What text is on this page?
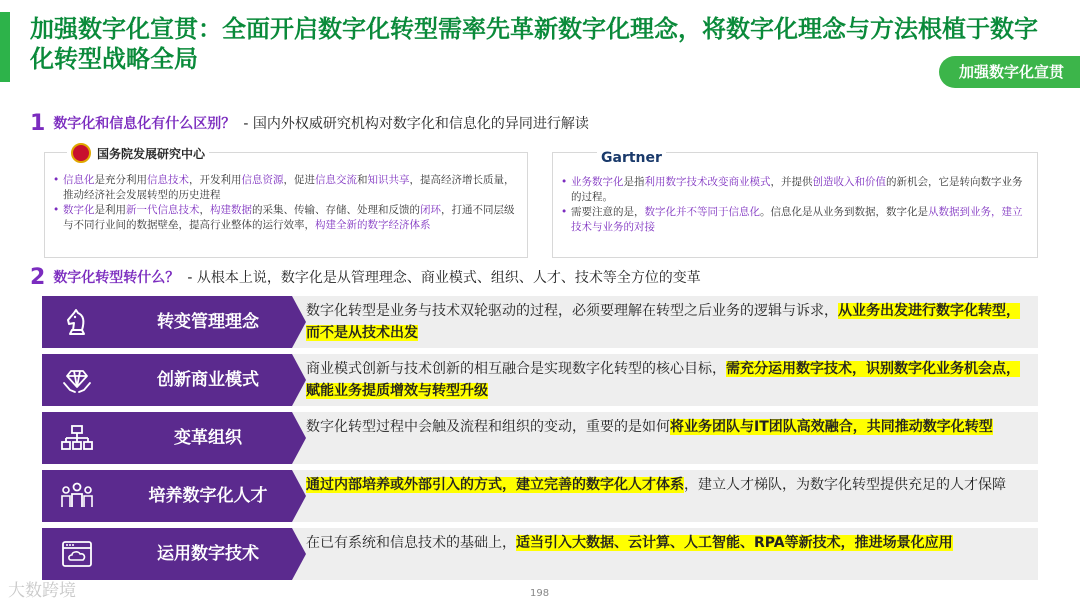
加强数字化宣贯：全面开启数字化转型需率先革新数字化理念，将数字化理念与方法根植于数字化转型战略全局	加强数字化宣贯
1 数字化和信息化有什么区别？ - 国内外权威研究机构对数字化和信息化的异同进行解读
国务院发展研究中心
• 信息化是充分利用信息技术，开发利用信息资源，促进信息交流和知识共享，提高经济增长质量，推动经济社会发展转型的历史进程
• 数字化是利用新一代信息技术，构建数据的采集、传输、存储、处理和反馈的闭环，打通不同层级与不同行业间的数据壁垒，提高行业整体的运行效率，构建全新的数字经济体系
Gartner
• 业务数字化是指利用数字技术改变商业模式，并提供创造收入和价值的新机会，它是转向数字业务的过程。
• 需要注意的是，数字化并不等同于信息化。信息化是从业务到数据，数字化是从数据到业务，建立技术与业务的对接
2 数字化转型转什么？ - 从根本上说，数字化是从管理理念、商业模式、组织、人才、技术等全方位的变革
转变管理理念
数字化转型是业务与技术双轮驱动的过程，必须要理解在转型之后业务的逻辑与诉求，从业务出发进行数字化转型，而不是从技术出发
创新商业模式
商业模式创新与技术创新的相互融合是实现数字化转型的核心目标，需充分运用数字技术，识别数字化业务机会点，赋能业务提质增效与转型升级
变革组织
数字化转型过程中会触及流程和组织的变动，重要的是如何将业务团队与IT团队高效融合，共同推动数字化转型
培养数字化人才
通过内部培养或外部引入的方式，建立完善的数字化人才体系，建立人才梯队，为数字化转型提供充足的人才保障
运用数字技术
在已有系统和信息技术的基础上，适当引入大数据、云计算、人工智能、RPA等新技术，推进场景化应用
198
大数跨境
